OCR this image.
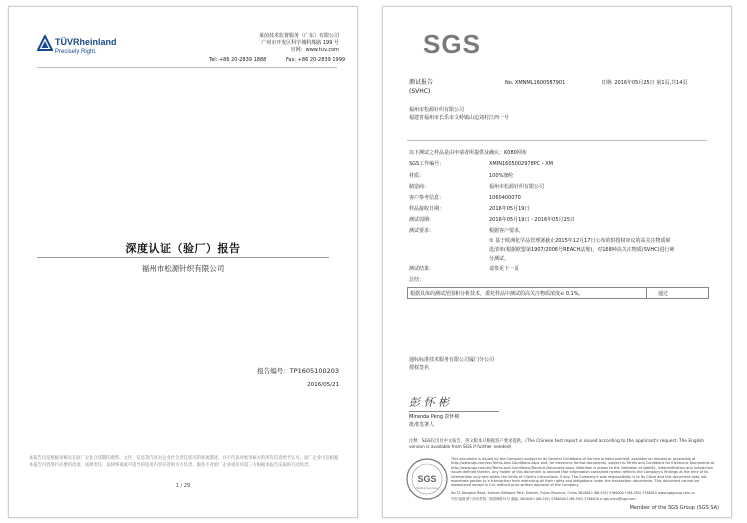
TÜVRheinland
Precisely Right.
莱茵技术监督服务（广东）有限公司
广州市开发区科学城科珠路 199 号
官网：www.tuv.com
Tel: +86 20-2839 1888	Fax: +86 20-2839 1999
深度认证（验厂）报告
福州市松源针织有限公司
报告编号：TP1605100203
2016/05/21
本报告仅是根据审核员在验厂企业合适期的观察、文件、信息等内容对企业社会责任状况的客观描述，并不代表对被审核方的所有信息给予认可。验厂企业可以根据本报告内容进行必要的改进，法律责任、法律事项或可适当的适用内容应对相关方负责。服务不对验厂企业或任何第三方根据本报告采取的行动负责。
1 / 29
SGS
测试报告
(SVHC)
No. XMNML1600587901	日期: 2016年05月25日 第1页,共14页
福州市松源针织有限公司
福建省福州市长乐市文岭镇山边刘村江西一号
以下测试之样品是由申请者所提供及确认：K080网布
SGS工作编号：	XMIN1605002978PC - XM
材质：	100%涤纶
制造商：	福州市松源针织有限公司
客户参考信息：	1060400070
样品接收日期：	2016年05月19日
测试周期：	2016年05月19日 - 2016年05月25日
测试要求：	根据客户要求，
① 基于欧洲化学品管理署截止2015年12月17日公布的供授权审议的高关注物质候
选清单(根据欧盟第1907/2006号REACH法规)，对168种高关注物质(SVHC)进行筛
分测试。
测试结果：	请参见下一页
总结：
根据具体的测试范围和分析技术，委托样品中测试的高关注物质浓度≤ 0.1%。	通过
通标标准技术服务有限公司厦门分公司
授权签名
彭 怀 彬
Miranda Peng 彭怀彬
批准签署人
注释：SGS仅出具中文报告，英文版本只根据客户要求提供。(The Chinese test report is issued according to the applicant's request. The English version is available from SGS if further needed)
SGS
Testing Services
This document is issued by the Company subject to its General Conditions of Service printed overleaf, available on request or accessible at http://www.sgs.com/en/Terms-and-Conditions.aspx and, for electronic format documents, subject to Terms and Conditions for Electronic Documents at http://www.sgs.com/en/Terms-and-Conditions/Terms-e-Document.aspx. Attention is drawn to the limitation of liability, indemnification and jurisdiction issues defined therein. Any holder of this document is advised that information contained hereon reflects the Company's findings at the time of its intervention only and within the limits of Client's instructions, if any. The Company's sole responsibility is to its Client and this document does not exonerate parties to a transaction from exercising all their rights and obligations under the transaction documents. This document cannot be reproduced except in full, without prior written approval of the Company.
No.31 Wanghai Road, Xiamen Software Park, Xiamen, Fujian Province, China 361008 t (86-592) 5766000 f (86-592) 5766010 www.sgsgroup.com.cn
中国·福建·厦门市软件园二期望海路31号 邮编: 361008 t (86-592) 5766000 f (86-592) 5766010 e sgs.china@sgs.com
Member of the SGS Group (SGS SA)
